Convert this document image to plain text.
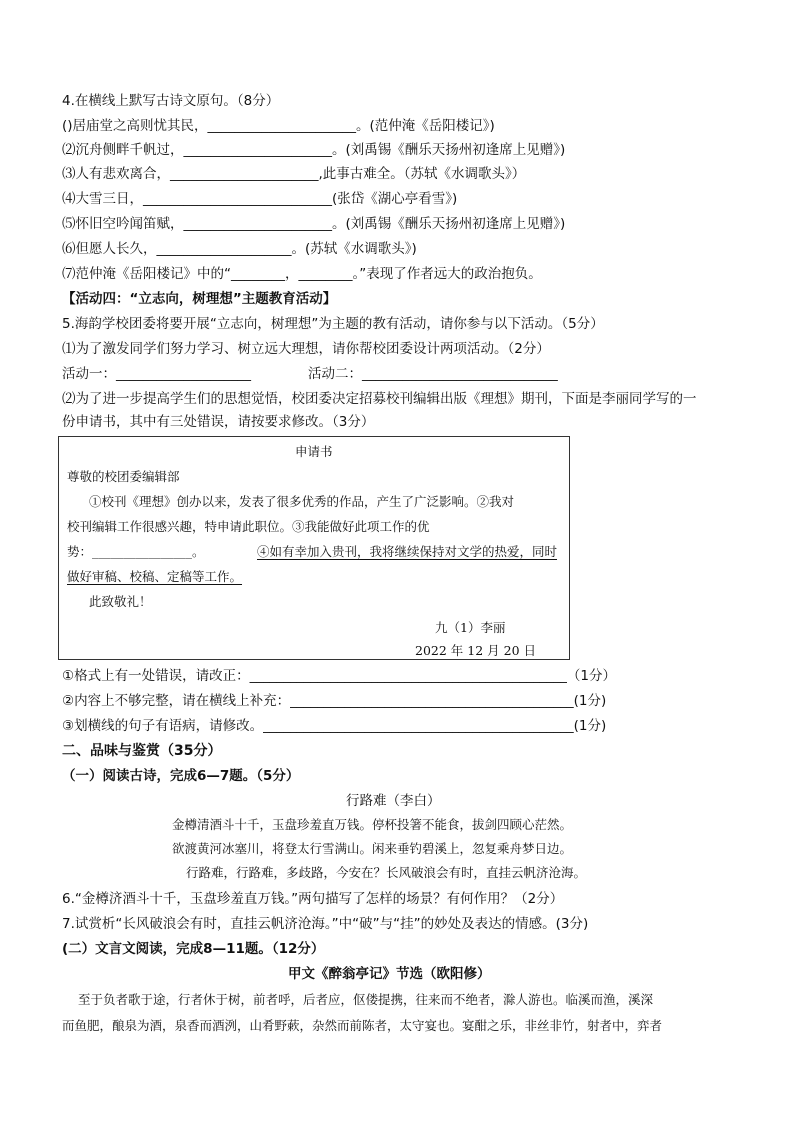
4.在横线上默写古诗文原句。（8分）
()居庙堂之高则忧其民，______________________。(范仲淹《岳阳楼记》)
⑵沉舟侧畔千帆过，______________________。(刘禹锡《酬乐天扬州初逢席上见赠》)
⑶人有悲欢离合，______________________,此事古难全。（苏轼《水调歌头》）
⑷大雪三日，____________________________(张岱《湖心亭看雪》)
⑸怀旧空吟闻笛赋，______________________。(刘禹锡《酬乐天扬州初逢席上见赠》)
⑹但愿人长久，____________________。(苏轼《水调歌头》)
⑺范仲淹《岳阳楼记》中的“________，________。”表现了作者远大的政治抱负。
【活动四：“立志向，树理想”主题教育活动】
5.海韵学校团委将要开展“立志向，树理想”为主题的教有活动，请你参与以下活动。（5分）
⑴为了激发同学们努力学习、树立远大理想，请你帮校团委设计两项活动。（2分）
活动一：____________________	活动二：_____________________________
⑵为了进一步提高学生们的思想觉悟，校团委决定招募校刊编辑出版《理想》期刊，下面是李丽同学写的一
份申请书，其中有三处错误，请按要求修改。（3分）
申请书
尊敬的校团委编辑部
①校刊《理想》创办以来，发表了很多优秀的作品，产生了广泛影响。②我对
校刊编辑工作很感兴趣，特申请此职位。③我能做好此项工作的优
势：________________。	④如有幸加入贵刊，我将继续保持对文学的热爱，同时
做好审稿、校稿、定稿等工作。
此致敬礼！
九（1）李丽
2022 年 12 月 20 日
①格式上有一处错误，请改正：_______________________________________________（1分）
②内容上不够完整，请在横线上补充：__________________________________________(1分)
③划横线的句子有语病，请修改。______________________________________________(1分)
二、品味与鉴赏（35分）
（一）阅读古诗，完成6—7题。（5分）
行路难（李白）
金樽清酒斗十千，玉盘珍羞直万钱。停杯投箸不能食，拔剑四顾心茫然。
欲渡黄河冰塞川，将登太行雪满山。闲来垂钓碧溪上，忽复乘舟梦日边。
行路难，行路难，多歧路，今安在？长风破浪会有时，直挂云帆济沧海。
6.“金樽济酒斗十千，玉盘珍羞直万钱。”两句描写了怎样的场景？有何作用？（2分）
7.试赏析“长风破浪会有时，直挂云帆济沧海。”中“破”与“挂”的妙处及表达的情感。(3分)
(二）文言文阅读，完成8—11题。（12分）
甲文《醉翁亭记》节选（欧阳修）
至于负者歌于途，行者休于树，前者呼，后者应，伛偻提携，往来而不绝者，滁人游也。临溪而渔，溪深
而鱼肥，酿泉为酒，泉香而酒洌，山肴野蔌，杂然而前陈者，太守宴也。宴酣之乐，非丝非竹，射者中，弈者
